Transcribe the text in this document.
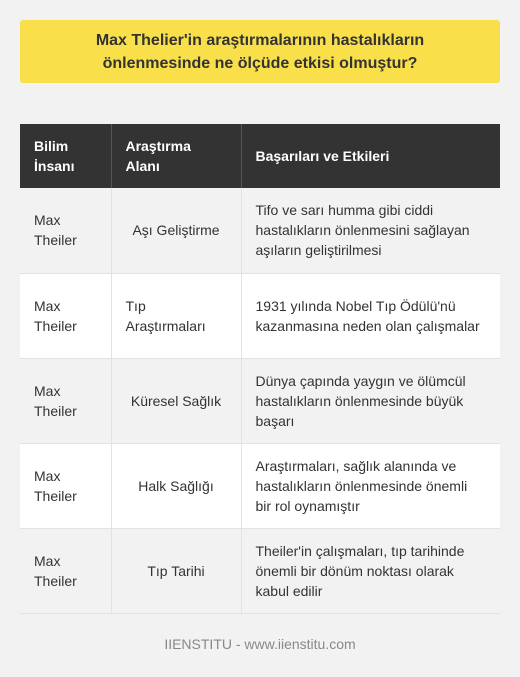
Max Thelier'in araştırmalarının hastalıkların
önlenmesinde ne ölçüde etkisi olmuştur?
Bilim İnsanı	Araştırma Alanı	Başarıları ve Etkileri
Max Theiler	Aşı Geliştirme	Tifo ve sarı humma gibi ciddi hastalıkların önlenmesini sağlayan aşıların geliştirilmesi
Max Theiler	Tıp Araştırmaları	1931 yılında Nobel Tıp Ödülü'nü kazanmasına neden olan çalışmalar
Max Theiler	Küresel Sağlık	Dünya çapında yaygın ve ölümcül hastalıkların önlenmesinde büyük başarı
Max Theiler	Halk Sağlığı	Araştırmaları, sağlık alanında ve hastalıkların önlenmesinde önemli bir rol oynamıştır
Max Theiler	Tıp Tarihi	Theiler'in çalışmaları, tıp tarihinde önemli bir dönüm noktası olarak kabul edilir
IIENSTITU - www.iienstitu.com
